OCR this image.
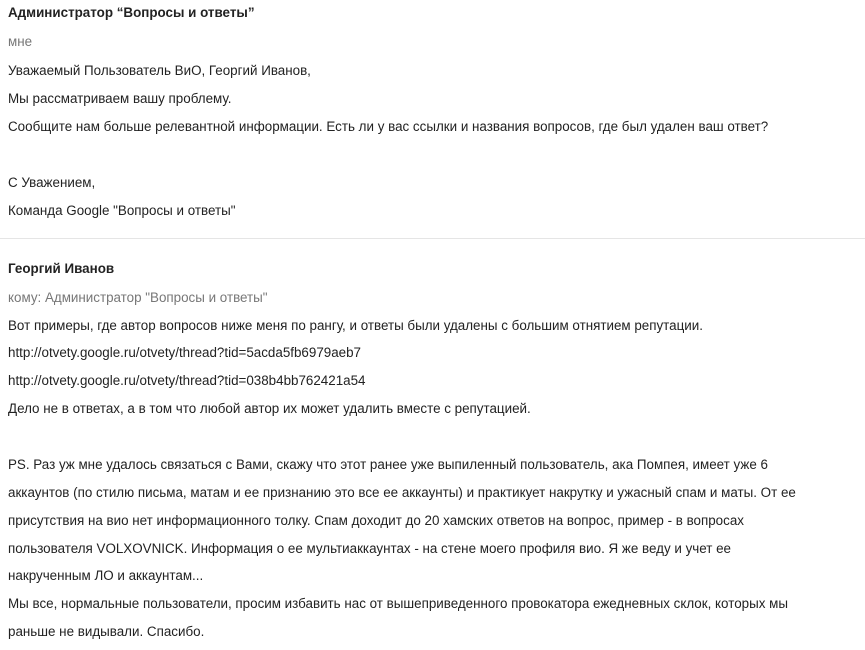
Администратор “Вопросы и ответы”
мне
Уважаемый Пользователь ВиО, Георгий Иванов,
Мы рассматриваем вашу проблему.
Сообщите нам больше релевантной информации. Есть ли у вас ссылки и названия вопросов, где был удален ваш ответ?
С Уважением,
Команда Google "Вопросы и ответы"
Георгий Иванов
кому: Администратор "Вопросы и ответы"
Вот примеры, где автор вопросов ниже меня по рангу, и ответы были удалены с большим отнятием репутации.
http://otvety.google.ru/otvety/thread?tid=5acda5fb6979aeb7
http://otvety.google.ru/otvety/thread?tid=038b4bb762421a54
Дело не в ответах, а в том что любой автор их может удалить вместе с репутацией.
PS. Раз уж мне удалось связаться с Вами, скажу что этот ранее уже выпиленный пользователь, ака Помпея, имеет уже 6
аккаунтов (по стилю письма, матам и ее признанию это все ее аккаунты) и практикует накрутку и ужасный спам и маты. От ее
присутствия на вио нет информационного толку. Спам доходит до 20 хамских ответов на вопрос, пример - в вопросах
пользователя VOLXOVNICK. Информация о ее мультиаккаунтах - на стене моего профиля вио. Я же веду и учет ее
накрученным ЛО и аккаунтам...
Мы все, нормальные пользователи, просим избавить нас от вышеприведенного провокатора ежедневных склок, которых мы
раньше не видывали. Спасибо.
